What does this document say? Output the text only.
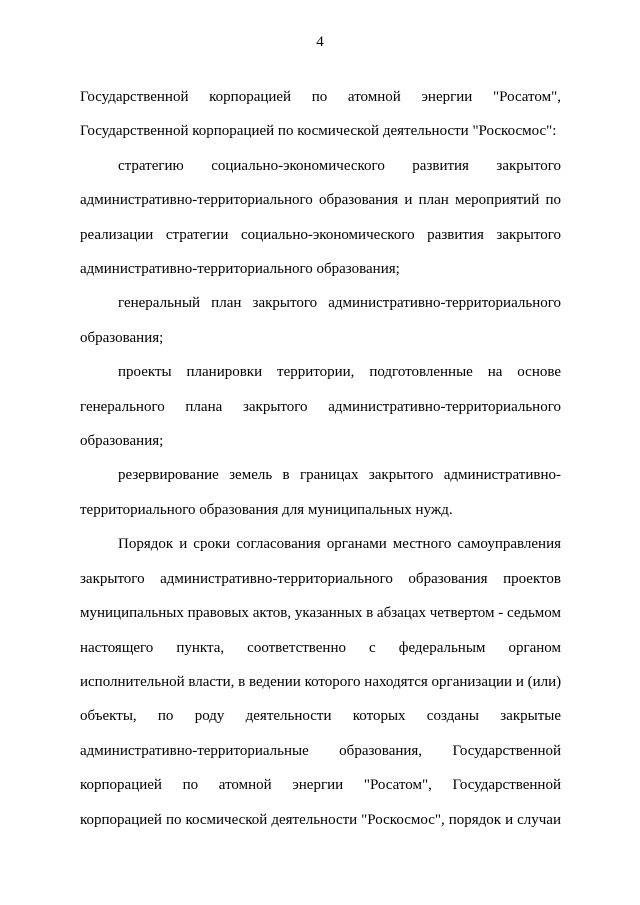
4
Государственной корпорацией по атомной энергии "Росатом",
Государственной корпорацией по космической деятельности "Роскосмос":
стратегию социально-экономического развития закрытого
административно-территориального образования и план мероприятий по
реализации стратегии социально-экономического развития закрытого
административно-территориального образования;
генеральный план закрытого административно-территориального
образования;
проекты планировки территории, подготовленные на основе
генерального плана закрытого административно-территориального
образования;
резервирование земель в границах закрытого административно-
территориального образования для муниципальных нужд.
Порядок и сроки согласования органами местного самоуправления
закрытого административно-территориального образования проектов
муниципальных правовых актов, указанных в абзацах четвертом - седьмом
настоящего пункта, соответственно с федеральным органом
исполнительной власти, в ведении которого находятся организации и (или)
объекты, по роду деятельности которых созданы закрытые
административно-территориальные образования, Государственной
корпорацией по атомной энергии "Росатом", Государственной
корпорацией по космической деятельности "Роскосмос", порядок и случаи
